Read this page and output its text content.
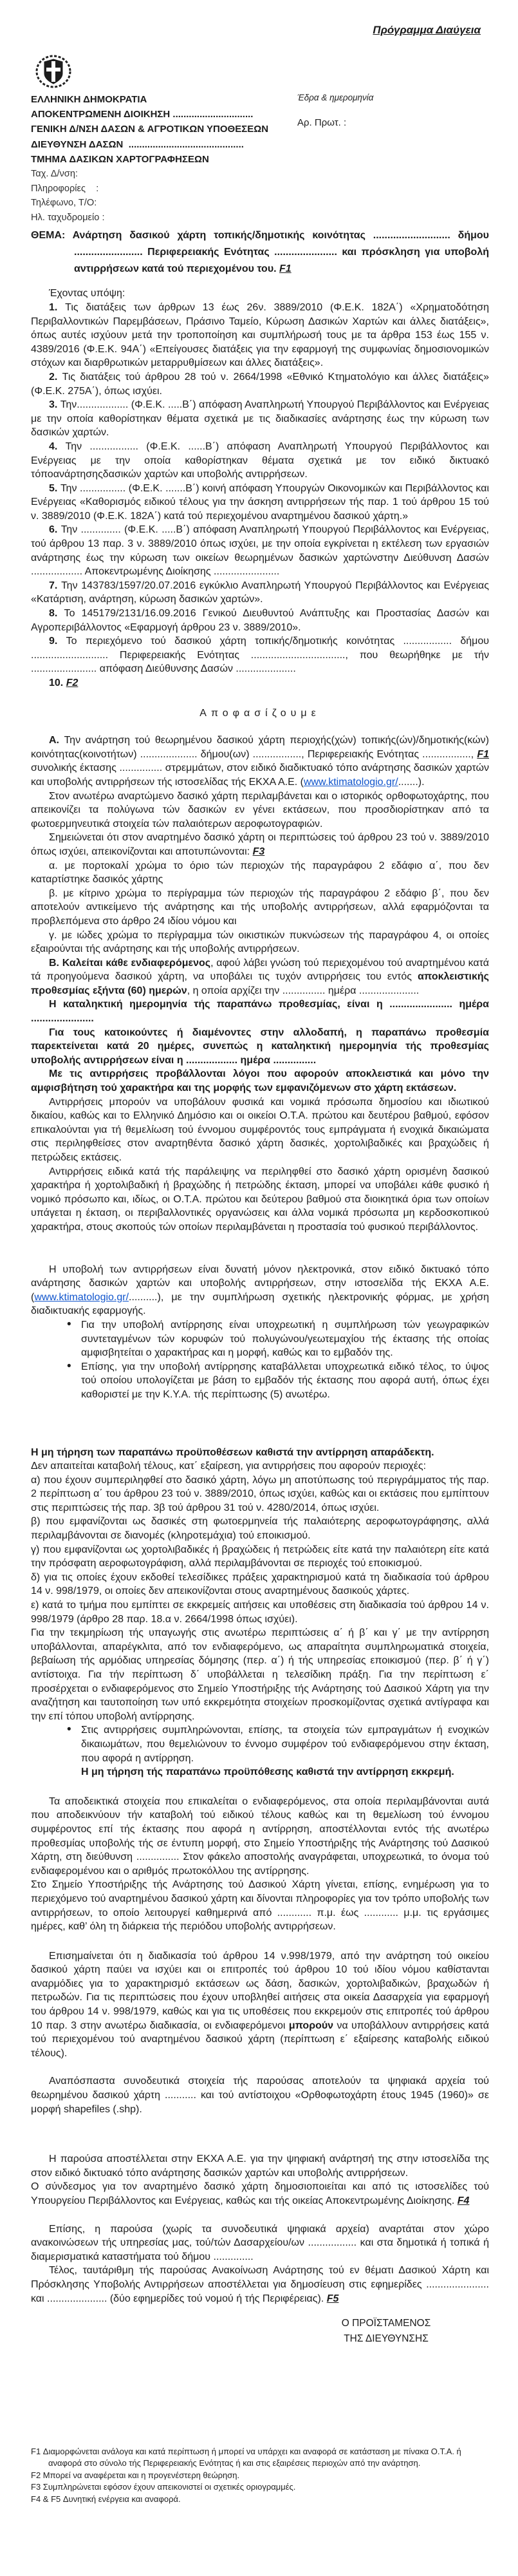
Πρόγραμμα Διαύγεια
ΕΛΛΗΝΙΚΗ ΔΗΜΟΚΡΑΤΙΑ
ΑΠΟΚΕΝΤΡΩΜΕΝΗ ΔΙΟΙΚΗΣΗ ..............................
ΓΕΝΙΚΗ Δ/ΝΣΗ ΔΑΣΩΝ & ΑΓΡΟΤΙΚΩΝ ΥΠΟΘΕΣΕΩΝ
ΔΙΕΥΘΥΝΣΗ ΔΑΣΩΝ  ...........................................
ΤΜΗΜΑ ΔΑΣΙΚΩΝ ΧΑΡΤΟΓΡΑΦΗΣΕΩΝ
Ταχ. Δ/νση:
Πληροφορίες    :
Τηλέφωνο, Τ/Ο:
Ηλ. ταχυδρομείο :
Έδρα & ημερομηνία
Αρ. Πρωτ. :
ΘΕΜΑ: Ανάρτηση δασικού χάρτη τοπικής/δημοτικής κοινότητας ........................... δήμου ........................ Περιφερειακής Ενότητας ...................... και πρόσκληση για υποβολή αντιρρήσεων κατά τού περιεχομένου του. F1
Έχοντας υπόψη:
1. Τις διατάξεις των άρθρων 13 έως 26ν. 3889/2010 (Φ.Ε.Κ. 182Α΄) «Χρηματοδότηση Περιβαλλοντικών Παρεμβάσεων, Πράσινο Ταμείο, Κύρωση Δασικών Χαρτών και άλλες διατάξεις», όπως αυτές ισχύουν μετά την τροποποίηση και συμπλήρωσή τους με τα άρθρα 153 έως 155 ν. 4389/2016 (Φ.Ε.Κ. 94Α΄) «Επείγουσες διατάξεις για την εφαρμογή της συμφωνίας δημοσιονομικών στόχων και διαρθρωτικών μεταρρυθμίσεων και άλλες διατάξεις».
2. Τις διατάξεις τού άρθρου 28 τού ν. 2664/1998 «Εθνικό Κτηματολόγιο και άλλες διατάξεις» (Φ.Ε.Κ. 275Α΄), όπως ισχύει.
3. Την.................. (Φ.Ε.Κ. .....Β΄) απόφαση Αναπληρωτή Υπουργού Περιβάλλοντος και Ενέργειας με την οποία καθορίστηκαν θέματα σχετικά με τις διαδικασίες ανάρτησης έως την κύρωση των δασικών χαρτών.
4. Την ................. (Φ.Ε.Κ. ......Β΄) απόφαση Αναπληρωτή Υπουργού Περιβάλλοντος και Ενέργειας με την οποία καθορίστηκαν θέματα σχετικά με τον ειδικό δικτυακό τόποανάρτησηςδασικών χαρτών και υποβολής αντιρρήσεων.
5. Την ................ (Φ.Ε.Κ. .......Β΄) κοινή απόφαση Υπουργών Οικονομικών και Περιβάλλοντος και Ενέργειας «Καθορισμός ειδικού τέλους για την άσκηση αντιρρήσεων τής παρ. 1 τού άρθρου 15 τού ν. 3889/2010 (Φ.Ε.Κ. 182Α΄) κατά τού περιεχομένου αναρτημένου δασικού χάρτη.»
6. Την .............. (Φ.Ε.Κ. .....Β΄) απόφαση Αναπληρωτή Υπουργού Περιβάλλοντος και Ενέργειας, τού άρθρου 13 παρ. 3 ν. 3889/2010 όπως ισχύει, με την οποία εγκρίνεται η εκτέλεση των εργασιών ανάρτησης έως την κύρωση των οικείων θεωρημένων δασικών χαρτώνστην Διεύθυνση Δασών .................. Αποκεντρωμένης Διοίκησης .......................
7. Την 143783/1597/20.07.2016 εγκύκλιο Αναπληρωτή Υπουργού Περιβάλλοντος και Ενέργειας «Κατάρτιση, ανάρτηση, κύρωση δασικών χαρτών».
8. Το 145179/2131/16.09.2016 Γενικού Διευθυντού Ανάπτυξης και Προστασίας Δασών και Αγροπεριβάλλοντος «Εφαρμογή άρθρου 23 ν. 3889/2010».
9. Το περιεχόμενο τού δασικού χάρτη τοπικής/δημοτικής κοινότητας ................. δήμου ........................... Περιφερειακής Ενότητας ................................., που θεωρήθηκε με τήν ....................... απόφαση Διεύθυνσης Δασών .....................
10. F2
Αποφασίζουμε
Α. Την ανάρτηση τού θεωρημένου δασικού χάρτη περιοχής(χών) τοπικής(ών)/δημοτικής(κών) κοινότητας(κοινοτήτων) .................... δήμου(ων) ................., Περιφερειακής Ενότητας ................., F1 συνολικής έκτασης ............... στρεμμάτων, στον ειδικό διαδικτυακό τόπο ανάρτησης δασικών χαρτών και υποβολής αντιρρήσεων τής ιστοσελίδας τής ΕΚΧΑ Α.Ε. (www.ktimatologio.gr/.......).
Στον ανωτέρω αναρτώμενο δασικό χάρτη περιλαμβάνεται και ο ιστορικός ορθοφωτοχάρτης, που απεικονίζει τα πολύγωνα τών δασικών εν γένει εκτάσεων, που προσδιορίστηκαν από τα φωτοερμηνευτικά στοιχεία τών παλαιότερων αεροφωτογραφιών.
Σημειώνεται ότι στον αναρτημένο δασικό χάρτη οι περιπτώσεις τού άρθρου 23 τού ν. 3889/2010 όπως ισχύει, απεικονίζονται και αποτυπώνονται: F3
α. με πορτοκαλί χρώμα το όριο τών περιοχών τής παραγράφου 2 εδάφιο α΄, που δεν καταρτίστηκε δασικός χάρτης
β. με κίτρινο χρώμα το περίγραμμα τών περιοχών τής παραγράφου 2 εδάφιο β΄, που δεν αποτελούν αντικείμενο τής ανάρτησης και τής υποβολής αντιρρήσεων, αλλά εφαρμόζονται τα προβλεπόμενα στο άρθρο 24 ιδίου νόμου και
γ. με ιώδες χρώμα το περίγραμμα τών οικιστικών πυκνώσεων τής παραγράφου 4, οι οποίες εξαιρούνται τής ανάρτησης και τής υποβολής αντιρρήσεων.
Β. Καλείται κάθε ενδιαφερόμενος, αφού λάβει γνώση τού περιεχομένου τού αναρτημένου κατά τά προηγούμενα δασικού χάρτη, να υποβάλει τις τυχόν αντιρρήσεις του εντός αποκλειστικής προθεσμίας εξήντα (60) ημερών, η οποία αρχίζει την ............... ημέρα .....................
Η καταληκτική ημερομηνία τής παραπάνω προθεσμίας, είναι η ...................... ημέρα ......................
Για τους κατοικούντες ή διαμένοντες στην αλλοδαπή, η παραπάνω προθεσμία παρεκτείνεται κατά 20 ημέρες, συνεπώς η καταληκτική ημερομηνία τής προθεσμίας υποβολής αντιρρήσεων είναι η .................. ημέρα ...............
Με τις αντιρρήσεις προβάλλονται λόγοι που αφορούν αποκλειστικά και μόνο την αμφισβήτηση τού χαρακτήρα και της μορφής των εμφανιζόμενων στο χάρτη εκτάσεων.
Αντιρρήσεις μπορούν να υποβάλουν φυσικά και νομικά πρόσωπα δημοσίου και ιδιωτικού δικαίου, καθώς και το Ελληνικό Δημόσιο και οι οικείοι Ο.Τ.Α. πρώτου και δευτέρου βαθμού, εφόσον επικαλούνται για τή θεμελίωση τού έννομου συμφέροντός τους εμπράγματα ή ενοχικά δικαιώματα στις περιληφθείσες στον αναρτηθέντα δασικό χάρτη δασικές, χορτολιβαδικές και βραχώδεις ή πετρώδεις εκτάσεις.
Αντιρρήσεις ειδικά κατά τής παράλειψης να περιληφθεί στο δασικό χάρτη ορισμένη δασικού χαρακτήρα ή χορτολιβαδική ή βραχώδης ή πετρώδης έκταση, μπορεί να υποβάλει κάθε φυσικό ή νομικό πρόσωπο και, ιδίως, οι Ο.Τ.Α. πρώτου και δεύτερου βαθμού στα διοικητικά όρια των οποίων υπάγεται η έκταση, οι περιβαλλοντικές οργανώσεις και άλλα νομικά πρόσωπα μη κερδοσκοπικού χαρακτήρα, στους σκοπούς τών οποίων περιλαμβάνεται η προστασία τού φυσικού περιβάλλοντος.
Η υποβολή των αντιρρήσεων είναι δυνατή μόνον ηλεκτρονικά, στον ειδικό δικτυακό τόπο ανάρτησης δασικών χαρτών και υποβολής αντιρρήσεων, στην ιστοσελίδα τής ΕΚΧΑ Α.Ε. (www.ktimatologio.gr/..........), με την συμπλήρωση σχετικής ηλεκτρονικής φόρμας, με χρήση διαδικτυακής εφαρμογής.
• Για την υποβολή αντίρρησης είναι υποχρεωτική η συμπλήρωση τών γεωγραφικών συντεταγμένων τών κορυφών τού πολυγώνου/γεωτεμαχίου τής έκτασης τής οποίας αμφισβητείται ο χαρακτήρας και η μορφή, καθώς και το εμβαδόν της.
• Επίσης, για την υποβολή αντίρρησης καταβάλλεται υποχρεωτικά ειδικό τέλος, το ύψος τού οποίου υπολογίζεται με βάση το εμβαδόν τής έκτασης που αφορά αυτή, όπως έχει καθοριστεί με την Κ.Υ.Α. τής περίπτωσης (5) ανωτέρω.
Η μη τήρηση των παραπάνω προϋποθέσεων καθιστά την αντίρρηση απαράδεκτη.
Δεν απαιτείται καταβολή τέλους, κατ΄ εξαίρεση, για αντιρρήσεις που αφορούν περιοχές:
α) που έχουν συμπεριληφθεί στο δασικό χάρτη, λόγω μη αποτύπωσης τού περιγράμματος τής παρ. 2 περίπτωση α΄ του άρθρου 23 τού ν. 3889/2010, όπως ισχύει, καθώς και οι εκτάσεις που εμπίπτουν στις περιπτώσεις τής παρ. 3β τού άρθρου 31 τού ν. 4280/2014, όπως ισχύει.
β) που εμφανίζονται ως δασικές στη φωτοερμηνεία τής παλαιότερης αεροφωτογράφησης, αλλά περιλαμβάνονται σε διανομές (κληροτεμάχια) τού εποικισμού.
γ) που εμφανίζονται ως χορτολιβαδικές ή βραχώδεις ή πετρώδεις είτε κατά την παλαιότερη είτε κατά την πρόσφατη αεροφωτογράφιση, αλλά περιλαμβάνονται σε περιοχές τού εποικισμού.
δ) για τις οποίες έχουν εκδοθεί τελεσίδικες πράξεις χαρακτηρισμού κατά τη διαδικασία τού άρθρου 14 ν. 998/1979, οι οποίες δεν απεικονίζονται στους αναρτημένους δασικούς χάρτες.
ε) κατά το τμήμα που εμπίπτει σε εκκρεμείς αιτήσεις και υποθέσεις στη διαδικασία τού άρθρου 14 ν. 998/1979 (άρθρο 28 παρ. 18.α ν. 2664/1998 όπως ισχύει).
Για την τεκμηρίωση τής υπαγωγής στις ανωτέρω περιπτώσεις α΄ ή β΄ και γ΄ με την αντίρρηση υποβάλλονται, απαρέγκλιτα, από τον ενδιαφερόμενο, ως απαραίτητα συμπληρωματικά στοιχεία, βεβαίωση τής αρμόδιας υπηρεσίας δόμησης (περ. α΄) ή τής υπηρεσίας εποικισμού (περ. β΄ ή γ΄) αντίστοιχα. Για τήν περίπτωση δ΄ υποβάλλεται η τελεσίδικη πράξη. Για την περίπτωση ε΄ προσέρχεται ο ενδιαφερόμενος στο Σημείο Υποστήριξης τής Ανάρτησης τού Δασικού Χάρτη για την αναζήτηση και ταυτοποίηση των υπό εκκρεμότητα στοιχείων προσκομίζοντας σχετικά αντίγραφα και την επί τόπου υποβολή αντίρρησης.
• Στις αντιρρήσεις συμπληρώνονται, επίσης, τα στοιχεία τών εμπραγμάτων ή ενοχικών δικαιωμάτων, που θεμελιώνουν το έννομο συμφέρον τού ενδιαφερόμενου στην έκταση, που αφορά η αντίρρηση.
Η μη τήρηση τής παραπάνω προϋπόθεσης καθιστά την αντίρρηση εκκρεμή.
Τα αποδεικτικά στοιχεία που επικαλείται ο ενδιαφερόμενος, στα οποία περιλαμβάνονται αυτά που αποδεικνύουν τήν καταβολή τού ειδικού τέλους καθώς και τη θεμελίωση τού έννομου συμφέροντος επί τής έκτασης που αφορά η αντίρρηση, αποστέλλονται εντός τής ανωτέρω προθεσμίας υποβολής τής σε έντυπη μορφή, στο Σημείο Υποστήριξης τής Ανάρτησης τού Δασικού Χάρτη, στη διεύθυνση ............... Στον φάκελο αποστολής αναγράφεται, υποχρεωτικά, το όνομα τού ενδιαφερομένου και ο αριθμός πρωτοκόλλου της αντίρρησης.
Στο Σημείο Υποστήριξης τής Ανάρτησης τού Δασικού Χάρτη γίνεται, επίσης, ενημέρωση για το περιεχόμενο τού αναρτημένου δασικού χάρτη και δίνονται πληροφορίες για τον τρόπο υποβολής των αντιρρήσεων, το οποίο λειτουργεί καθημερινά από ............ π.μ. έως ............ μ.μ. τις εργάσιμες ημέρες, καθ’ όλη τη διάρκεια τής περιόδου υποβολής αντιρρήσεων.
Επισημαίνεται ότι η διαδικασία τού άρθρου 14 ν.998/1979, από την ανάρτηση τού οικείου δασικού χάρτη παύει να ισχύει και οι επιτροπές τού άρθρου 10 τού ιδίου νόμου καθίστανται αναρμόδιες για το χαρακτηρισμό εκτάσεων ως δάση, δασικών, χορτολιβαδικών, βραχωδών ή πετρωδών. Για τις περιπτώσεις που έχουν υποβληθεί αιτήσεις στα οικεία Δασαρχεία για εφαρμογή του άρθρου 14 ν. 998/1979, καθώς και για τις υποθέσεις που εκκρεμούν στις επιτροπές τού άρθρου 10 παρ. 3 στην ανωτέρω διαδικασία, οι ενδιαφερόμενοι μπορούν να υποβάλλουν αντιρρήσεις κατά τού περιεχομένου τού αναρτημένου δασικού χάρτη (περίπτωση ε΄ εξαίρεσης καταβολής ειδικού τέλους).
Αναπόσπαστα συνοδευτικά στοιχεία τής παρούσας αποτελούν τα ψηφιακά αρχεία τού θεωρημένου δασικού χάρτη ........... και τού αντίστοιχου «Ορθοφωτοχάρτη έτους 1945 (1960)» σε μορφή shapefiles (.shp).
Η παρούσα αποστέλλεται στην ΕΚΧΑ Α.Ε. για την ψηφιακή ανάρτησή της στην ιστοσελίδα της στον ειδικό δικτυακό τόπο ανάρτησης δασικών χαρτών και υποβολής αντιρρήσεων.
Ο σύνδεσμος για τον αναρτημένο δασικό χάρτη δημοσιοποιείται και από τις ιστοσελίδες τού Υπουργείου Περιβάλλοντος και Ενέργειας, καθώς και τής οικείας Αποκεντρωμένης Διοίκησης. F4
Επίσης, η παρούσα (χωρίς τα συνοδευτικά ψηφιακά αρχεία) αναρτάται στον χώρο ανακοινώσεων τής υπηρεσίας μας, τού/τών Δασαρχείου/ων ................. και στα δημοτικά ή τοπικά ή διαμερισματικά καταστήματα τού δήμου ..............
Τέλος, ταυτάριθμη τής παρούσας Ανακοίνωση Ανάρτησης τού εν θέματι Δασικού Χάρτη και Πρόσκλησης Υποβολής Αντιρρήσεων αποστέλλεται για δημοσίευση στις εφημερίδες ...................... και ..................... (δύο εφημερίδες τού νομού ή τής Περιφέρειας). F5
Ο ΠΡΟΪΣΤΑΜΕΝΟΣ
ΤΗΣ ΔΙΕΥΘΥΝΣΗΣ
F1 Διαμορφώνεται ανάλογα και κατά περίπτωση ή μπορεί να υπάρχει και αναφορά σε κατάσταση με πίνακα Ο.Τ.Α. ή αναφορά στο σύνολο τής Περιφερειακής Ενότητας ή και στις εξαιρέσεις περιοχών από την ανάρτηση.
F2 Μπορεί να αναφέρεται και η προγενέστερη θεώρηση.
F3 Συμπληρώνεται εφόσον έχουν απεικονιστεί οι σχετικές οριογραμμές.
F4 & F5 Δυνητική ενέργεια και αναφορά.
